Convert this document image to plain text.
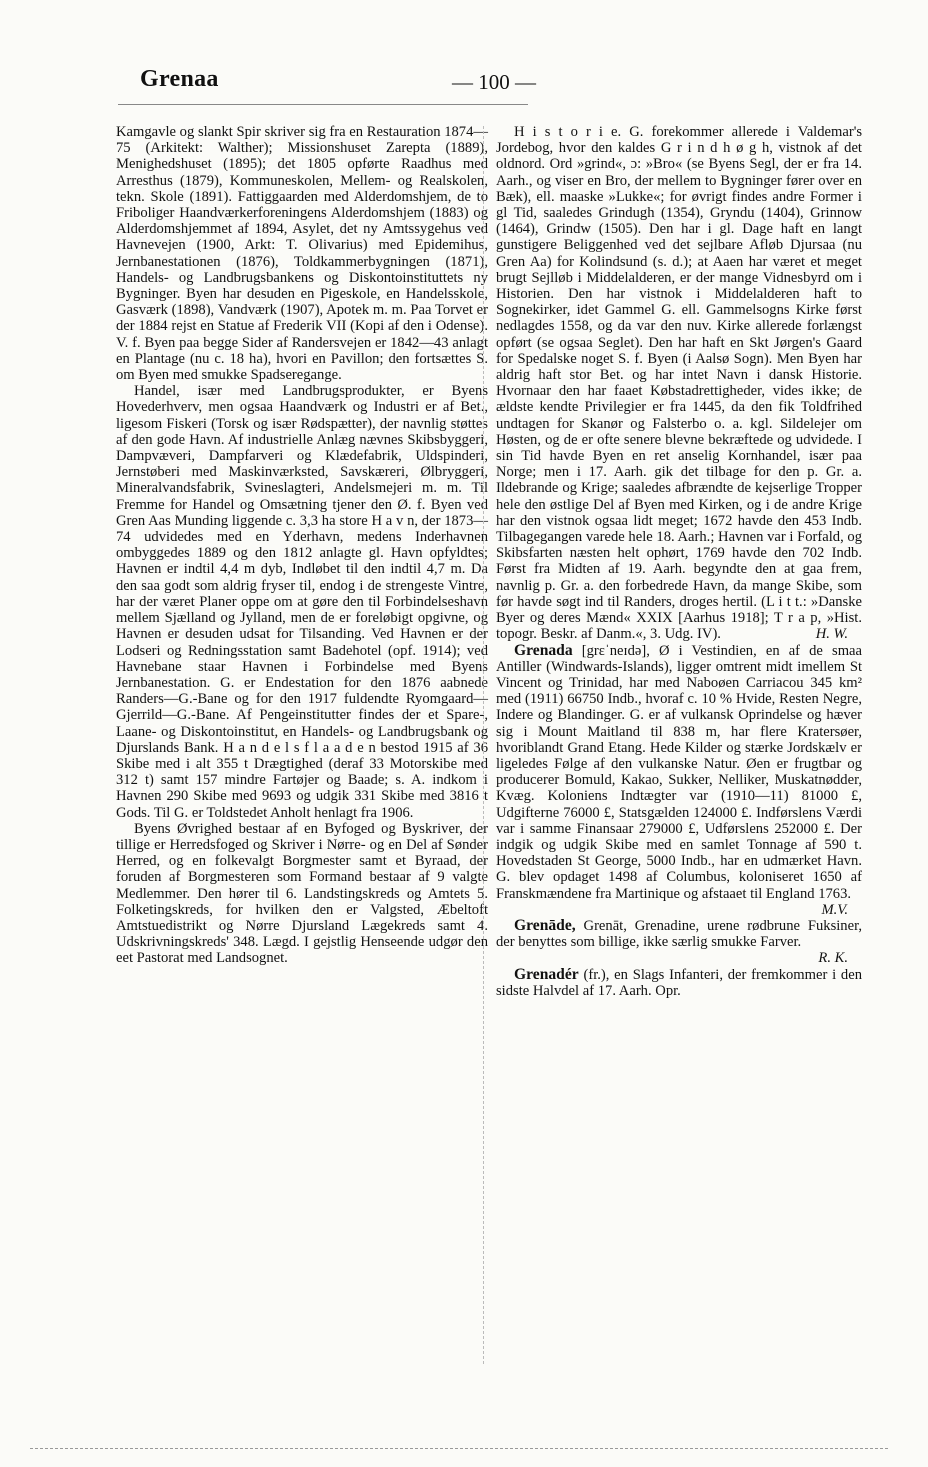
Grenaa	— 100 —

Kamgavle og slankt Spir skriver sig fra en Restauration 1874—75 (Arkitekt: Walther); Missionshuset Zarepta (1889), Menighedshuset (1895); det 1805 opførte Raadhus med Arresthus (1879), Kommuneskolen, Mellem- og Realskolen, tekn. Skole (1891). Fattiggaarden med Alderdomshjem, de to Friboliger Haandværkerforeningens Alderdomshjem (1883) og Alderdomshjemmet af 1894, Asylet, det ny Amtssygehus ved Havnevejen (1900, Arkt: T. Olivarius) med Epidemihus, Jernbanestationen (1876), Toldkammerbygningen (1871), Handels- og Landbrugsbankens og Diskontoinstituttets ny Bygninger. Byen har desuden en Pigeskole, en Handelsskole, Gasværk (1898), Vandværk (1907), Apotek m. m. Paa Torvet er der 1884 rejst en Statue af Frederik VII (Kopi af den i Odense). V. f. Byen paa begge Sider af Randersvejen er 1842—43 anlagt en Plantage (nu c. 18 ha), hvori en Pavillon; den fortsættes S. om Byen med smukke Spadseregange.

Handel, især med Landbrugsprodukter, er Byens Hovederhverv, men ogsaa Haandværk og Industri er af Bet., ligesom Fiskeri (Torsk og især Rødspætter), der navnlig støttes af den gode Havn. Af industrielle Anlæg nævnes Skibsbyggeri, Dampvæveri, Dampfarveri og Klædefabrik, Uldspinderi, Jernstøberi med Maskinværksted, Savskæreri, Ølbryggeri, Mineralvandsfabrik, Svineslagteri, Andelsmejeri m. m. Til Fremme for Handel og Omsætning tjener den Ø. f. Byen ved Gren Aas Munding liggende c. 3,3 ha store H a v n, der 1873—74 udvidedes med en Yderhavn, medens Inderhavnen ombyggedes 1889 og den 1812 anlagte gl. Havn opfyldtes; Havnen er indtil 4,4 m dyb, Indløbet til den indtil 4,7 m. Da den saa godt som aldrig fryser til, endog i de strengeste Vintre, har der været Planer oppe om at gøre den til Forbindelseshavn mellem Sjælland og Jylland, men de er foreløbigt opgivne, og Havnen er desuden udsat for Tilsanding. Ved Havnen er der Lodseri og Redningsstation samt Badehotel (opf. 1914); ved Havnebane staar Havnen i Forbindelse med Byens Jernbanestation. G. er Endestation for den 1876 aabnede Randers—G.-Bane og for den 1917 fuldendte Ryomgaard—Gjerrild—G.-Bane. Af Pengeinstitutter findes der et Spare-, Laane- og Diskontoinstitut, en Handels- og Landbrugsbank og Djurslands Bank. H a n d e l s f l a a d e n bestod 1915 af 36 Skibe med i alt 355 t Drægtighed (deraf 33 Motorskibe med 312 t) samt 157 mindre Fartøjer og Baade; s. A. indkom i Havnen 290 Skibe med 9693 og udgik 331 Skibe med 3816 t Gods. Til G. er Toldstedet Anholt henlagt fra 1906.

Byens Øvrighed bestaar af en Byfoged og Byskriver, der tillige er Herredsfoged og Skriver i Nørre- og en Del af Sønder Herred, og en folkevalgt Borgmester samt et Byraad, der foruden af Borgmesteren som Formand bestaar af 9 valgte Medlemmer. Den hører til 6. Landstingskreds og Amtets 5. Folketingskreds, for hvilken den er Valgsted, Æbeltoft Amtstuedistrikt og Nørre Djursland Lægekreds samt 4. Udskrivningskreds' 348. Lægd. I gejstlig Henseende udgør den eet Pastorat med Landsognet.

H i s t o r i e. G. forekommer allerede i Valdemar's Jordebog, hvor den kaldes G r i n d h ø g h, vistnok af det oldnord. Ord »grind«, ɔ: »Bro« (se Byens Segl, der er fra 14. Aarh., og viser en Bro, der mellem to Bygninger fører over en Bæk), ell. maaske »Lukke«; for øvrigt findes andre Former i gl Tid, saaledes Grindugh (1354), Gryndu (1404), Grinnow (1464), Grindw (1505). Den har i gl. Dage haft en langt gunstigere Beliggenhed ved det sejlbare Afløb Djursaa (nu Gren Aa) for Kolindsund (s. d.); at Aaen har været et meget brugt Sejlløb i Middelalderen, er der mange Vidnesbyrd om i Historien. Den har vistnok i Middelalderen haft to Sognekirker, idet Gammel G. ell. Gammelsogns Kirke først nedlagdes 1558, og da var den nuv. Kirke allerede forlængst opført (se ogsaa Seglet). Den har haft en Skt Jørgen's Gaard for Spedalske noget S. f. Byen (i Aalsø Sogn). Men Byen har aldrig haft stor Bet. og har intet Navn i dansk Historie. Hvornaar den har faaet Købstadrettigheder, vides ikke; de ældste kendte Privilegier er fra 1445, da den fik Toldfrihed undtagen for Skanør og Falsterbo o. a. kgl. Sildelejer om Høsten, og de er ofte senere blevne bekræftede og udvidede. I sin Tid havde Byen en ret anselig Kornhandel, især paa Norge; men i 17. Aarh. gik det tilbage for den p. Gr. a. Ildebrande og Krige; saaledes afbrændte de kejserlige Tropper hele den østlige Del af Byen med Kirken, og i de andre Krige har den vistnok ogsaa lidt meget; 1672 havde den 453 Indb. Tilbagegangen varede hele 18. Aarh.; Havnen var i Forfald, og Skibsfarten næsten helt ophørt, 1769 havde den 702 Indb. Først fra Midten af 19. Aarh. begyndte den at gaa frem, navnlig p. Gr. a. den forbedrede Havn, da mange Skibe, som før havde søgt ind til Randers, droges hertil. (L i t t.: »Danske Byer og deres Mænd« XXIX [Aarhus 1918]; T r a p, »Hist. topogr. Beskr. af Danm.«, 3. Udg. IV).	H. W.

Grenada [grɛˈneɪdə], Ø i Vestindien, en af de smaa Antiller (Windwards-Islands), ligger omtrent midt imellem St Vincent og Trinidad, har med Naboøen Carriacou 345 km² med (1911) 66750 Indb., hvoraf c. 10 % Hvide, Resten Negre, Indere og Blandinger. G. er af vulkansk Oprindelse og hæver sig i Mount Maitland til 838 m, har flere Kratersøer, hvoriblandt Grand Etang. Hede Kilder og stærke Jordskælv er ligeledes Følge af den vulkanske Natur. Øen er frugtbar og producerer Bomuld, Kakao, Sukker, Nelliker, Muskatnødder, Kvæg. Koloniens Indtægter var (1910—11) 81000 £, Udgifterne 76000 £, Statsgælden 124000 £. Indførslens Værdi var i samme Finansaar 279000 £, Udførslens 252000 £. Der indgik og udgik Skibe med en samlet Tonnage af 590 t. Hovedstaden St George, 5000 Indb., har en udmærket Havn. G. blev opdaget 1498 af Columbus, koloniseret 1650 af Franskmændene fra Martinique og afstaaet til England 1763.
M.V.

Grenāde, Grenāt, Grenadine, urene rødbrune Fuksiner, der benyttes som billige, ikke særlig smukke Farver.
R. K.

Grenadér (fr.), en Slags Infanteri, der fremkommer i den sidste Halvdel af 17. Aarh. Opr.
